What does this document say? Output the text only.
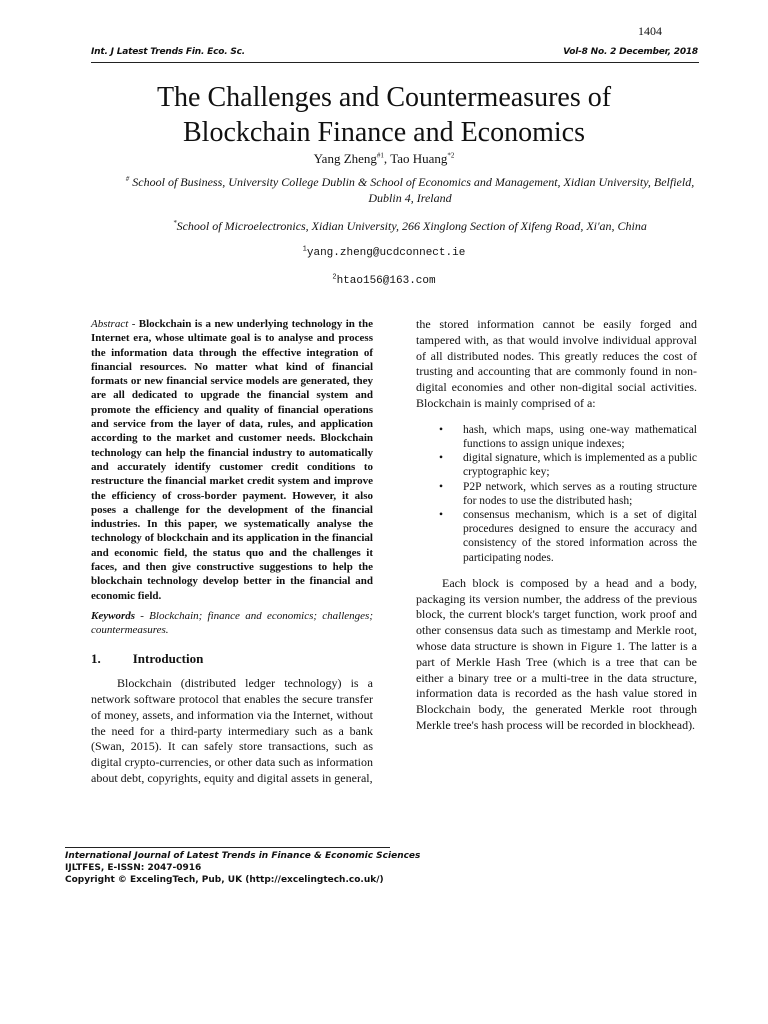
1404
Int. J Latest Trends Fin. Eco. Sc.	Vol-8 No. 2 December, 2018
The Challenges and Countermeasures of
Blockchain Finance and Economics
Yang Zheng$^{\#1}$, Tao Huang$^{*2}$
# School of Business, University College Dublin & School of Economics and Management, Xidian University, Belfield, Dublin 4, Ireland
*School of Microelectronics, Xidian University, 266 Xinglong Section of Xifeng Road, Xi'an, China
$^1$yang.zheng@ucdconnect.ie
$^2$htao156@163.com
Abstract - Blockchain is a new underlying technology in the Internet era, whose ultimate goal is to analyse and process the information data through the effective integration of financial resources. No matter what kind of financial formats or new financial service models are generated, they are all dedicated to upgrade the financial system and promote the efficiency and quality of financial operations and service from the layer of data, rules, and application according to the market and customer needs. Blockchain technology can help the financial industry to automatically and accurately identify customer credit conditions to restructure the financial market credit system and improve the efficiency of cross-border payment. However, it also poses a challenge for the development of the financial industries. In this paper, we systematically analyse the technology of blockchain and its application in the financial and economic field, the status quo and the challenges it faces, and then give constructive suggestions to help the blockchain technology develop better in the financial and economic field.
Keywords - Blockchain; finance and economics; challenges; countermeasures.
1. Introduction
Blockchain (distributed ledger technology) is a network software protocol that enables the secure transfer of money, assets, and information via the Internet, without the need for a third-party intermediary such as a bank (Swan, 2015). It can safely store transactions, such as digital crypto-currencies, or other data such as information about debt, copyrights, equity and digital assets in general,
the stored information cannot be easily forged and tampered with, as that would involve individual approval of all distributed nodes. This greatly reduces the cost of trusting and accounting that are commonly found in non-digital economies and other non-digital social activities. Blockchain is mainly comprised of a:
• hash, which maps, using one-way mathematical functions to assign unique indexes;
• digital signature, which is implemented as a public cryptographic key;
• P2P network, which serves as a routing structure for nodes to use the distributed hash;
• consensus mechanism, which is a set of digital procedures designed to ensure the accuracy and consistency of the stored information across the participating nodes.
Each block is composed by a head and a body, packaging its version number, the address of the previous block, the current block's target function, work proof and other consensus data such as timestamp and Merkle root, whose data structure is shown in Figure 1. The latter is a part of Merkle Hash Tree (which is a tree that can be either a binary tree or a multi-tree in the data structure, information data is recorded as the hash value stored in Blockchain body, the generated Merkle root through Merkle tree's hash process will be recorded in blockhead).
International Journal of Latest Trends in Finance & Economic Sciences
IJLTFES, E-ISSN: 2047-0916
Copyright © ExcelingTech, Pub, UK (http://excelingtech.co.uk/)
